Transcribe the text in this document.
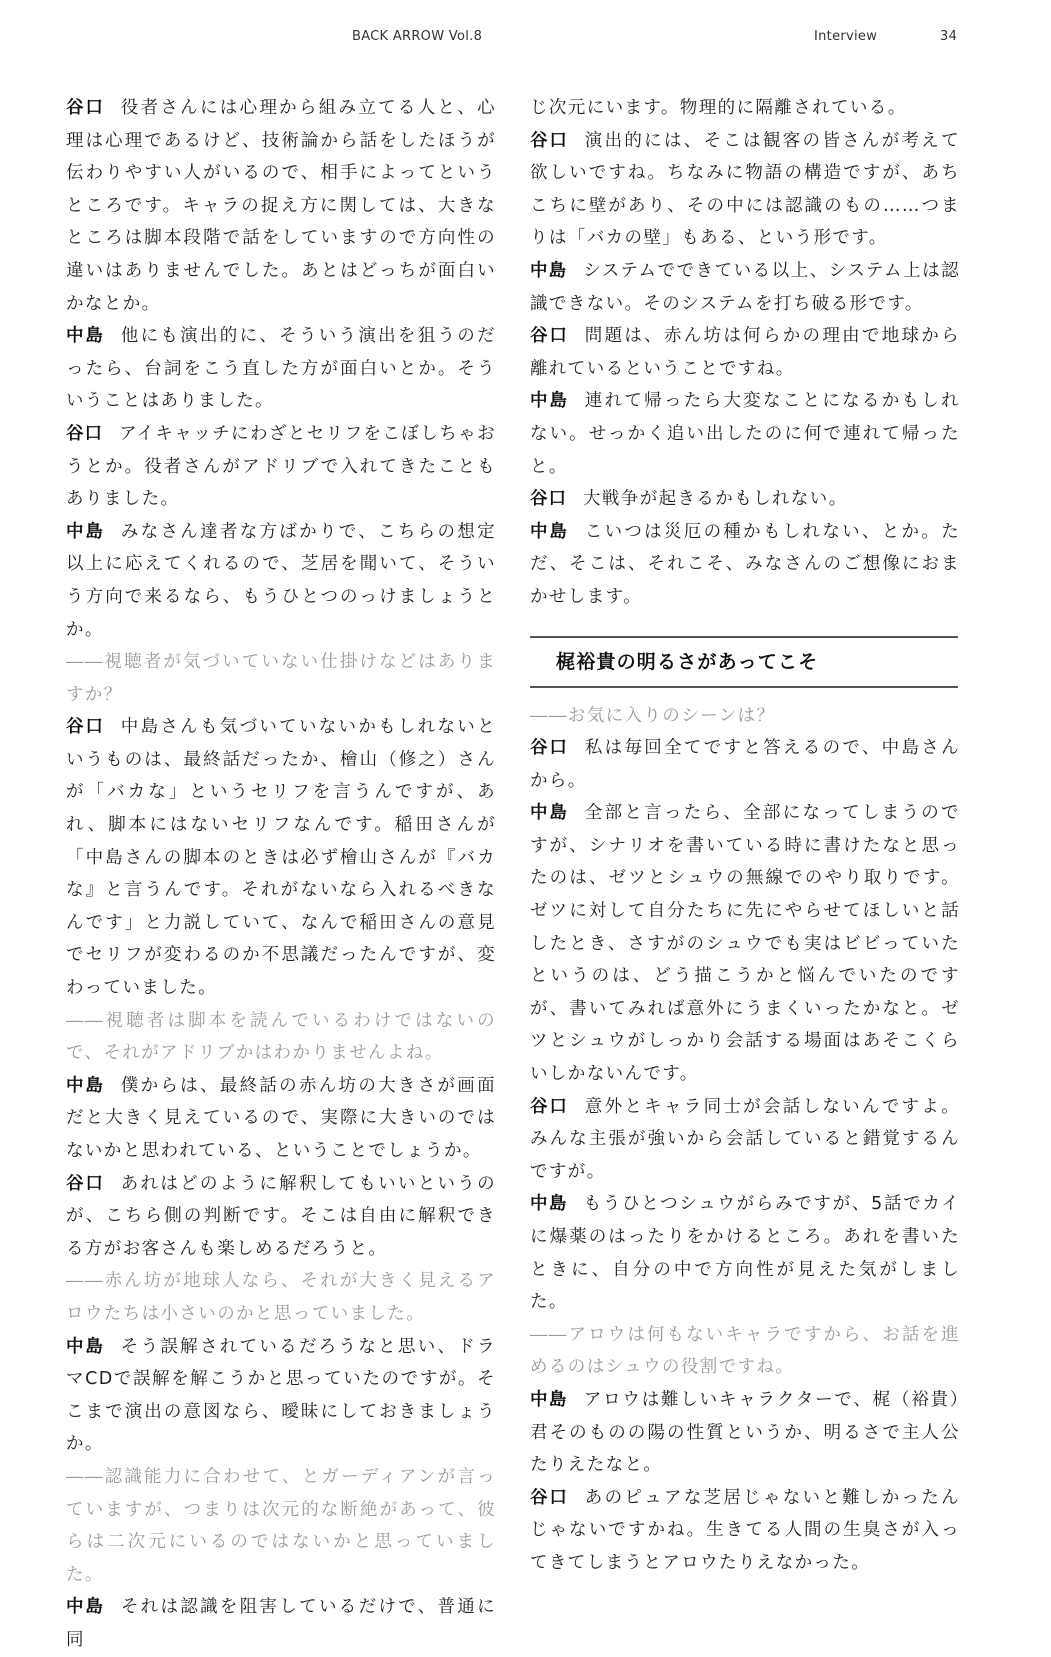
BACK ARROW Vol.8	Interview	34

谷口 役者さんには心理から組み立てる人と、心理は心理であるけど、技術論から話をしたほうが伝わりやすい人がいるので、相手によってというところです。キャラの捉え方に関しては、大きなところは脚本段階で話をしていますので方向性の違いはありませんでした。あとはどっちが面白いかなとか。

中島 他にも演出的に、そういう演出を狙うのだったら、台詞をこう直した方が面白いとか。そういうことはありました。

谷口 アイキャッチにわざとセリフをこぼしちゃおうとか。役者さんがアドリブで入れてきたこともありました。

中島 みなさん達者な方ばかりで、こちらの想定以上に応えてくれるので、芝居を聞いて、そういう方向で来るなら、もうひとつのっけましょうとか。

――視聴者が気づいていない仕掛けなどはありますか？

谷口 中島さんも気づいていないかもしれないというものは、最終話だったか、檜山（修之）さんが「バカな」というセリフを言うんですが、あれ、脚本にはないセリフなんです。稲田さんが「中島さんの脚本のときは必ず檜山さんが『バカな』と言うんです。それがないなら入れるべきなんです」と力説していて、なんで稲田さんの意見でセリフが変わるのか不思議だったんですが、変わっていました。

――視聴者は脚本を読んでいるわけではないので、それがアドリブかはわかりませんよね。

中島 僕からは、最終話の赤ん坊の大きさが画面だと大きく見えているので、実際に大きいのではないかと思われている、ということでしょうか。

谷口 あれはどのように解釈してもいいというのが、こちら側の判断です。そこは自由に解釈できる方がお客さんも楽しめるだろうと。

――赤ん坊が地球人なら、それが大きく見えるアロウたちは小さいのかと思っていました。

中島 そう誤解されているだろうなと思い、ドラマCDで誤解を解こうかと思っていたのですが。そこまで演出の意図なら、曖昧にしておきましょうか。

――認識能力に合わせて、とガーディアンが言っていますが、つまりは次元的な断絶があって、彼らは二次元にいるのではないかと思っていました。

中島 それは認識を阻害しているだけで、普通に同

じ次元にいます。物理的に隔離されている。

谷口 演出的には、そこは観客の皆さんが考えて欲しいですね。ちなみに物語の構造ですが、あちこちに壁があり、その中には認識のもの……つまりは「バカの壁」もある、という形です。

中島 システムでできている以上、システム上は認識できない。そのシステムを打ち破る形です。

谷口 問題は、赤ん坊は何らかの理由で地球から離れているということですね。

中島 連れて帰ったら大変なことになるかもしれない。せっかく追い出したのに何で連れて帰ったと。

谷口 大戦争が起きるかもしれない。

中島 こいつは災厄の種かもしれない、とか。ただ、そこは、それこそ、みなさんのご想像におまかせします。

梶裕貴の明るさがあってこそ

――お気に入りのシーンは？

谷口 私は毎回全てですと答えるので、中島さんから。

中島 全部と言ったら、全部になってしまうのですが、シナリオを書いている時に書けたなと思ったのは、ゼツとシュウの無線でのやり取りです。ゼツに対して自分たちに先にやらせてほしいと話したとき、さすがのシュウでも実はビビっていたというのは、どう描こうかと悩んでいたのですが、書いてみれば意外にうまくいったかなと。ゼツとシュウがしっかり会話する場面はあそこくらいしかないんです。

谷口 意外とキャラ同士が会話しないんですよ。みんな主張が強いから会話していると錯覚するんですが。

中島 もうひとつシュウがらみですが、5話でカイに爆薬のはったりをかけるところ。あれを書いたときに、自分の中で方向性が見えた気がしました。

――アロウは何もないキャラですから、お話を進めるのはシュウの役割ですね。

中島 アロウは難しいキャラクターで、梶（裕貴）君そのものの陽の性質というか、明るさで主人公たりえたなと。

谷口 あのピュアな芝居じゃないと難しかったんじゃないですかね。生きてる人間の生臭さが入ってきてしまうとアロウたりえなかった。
